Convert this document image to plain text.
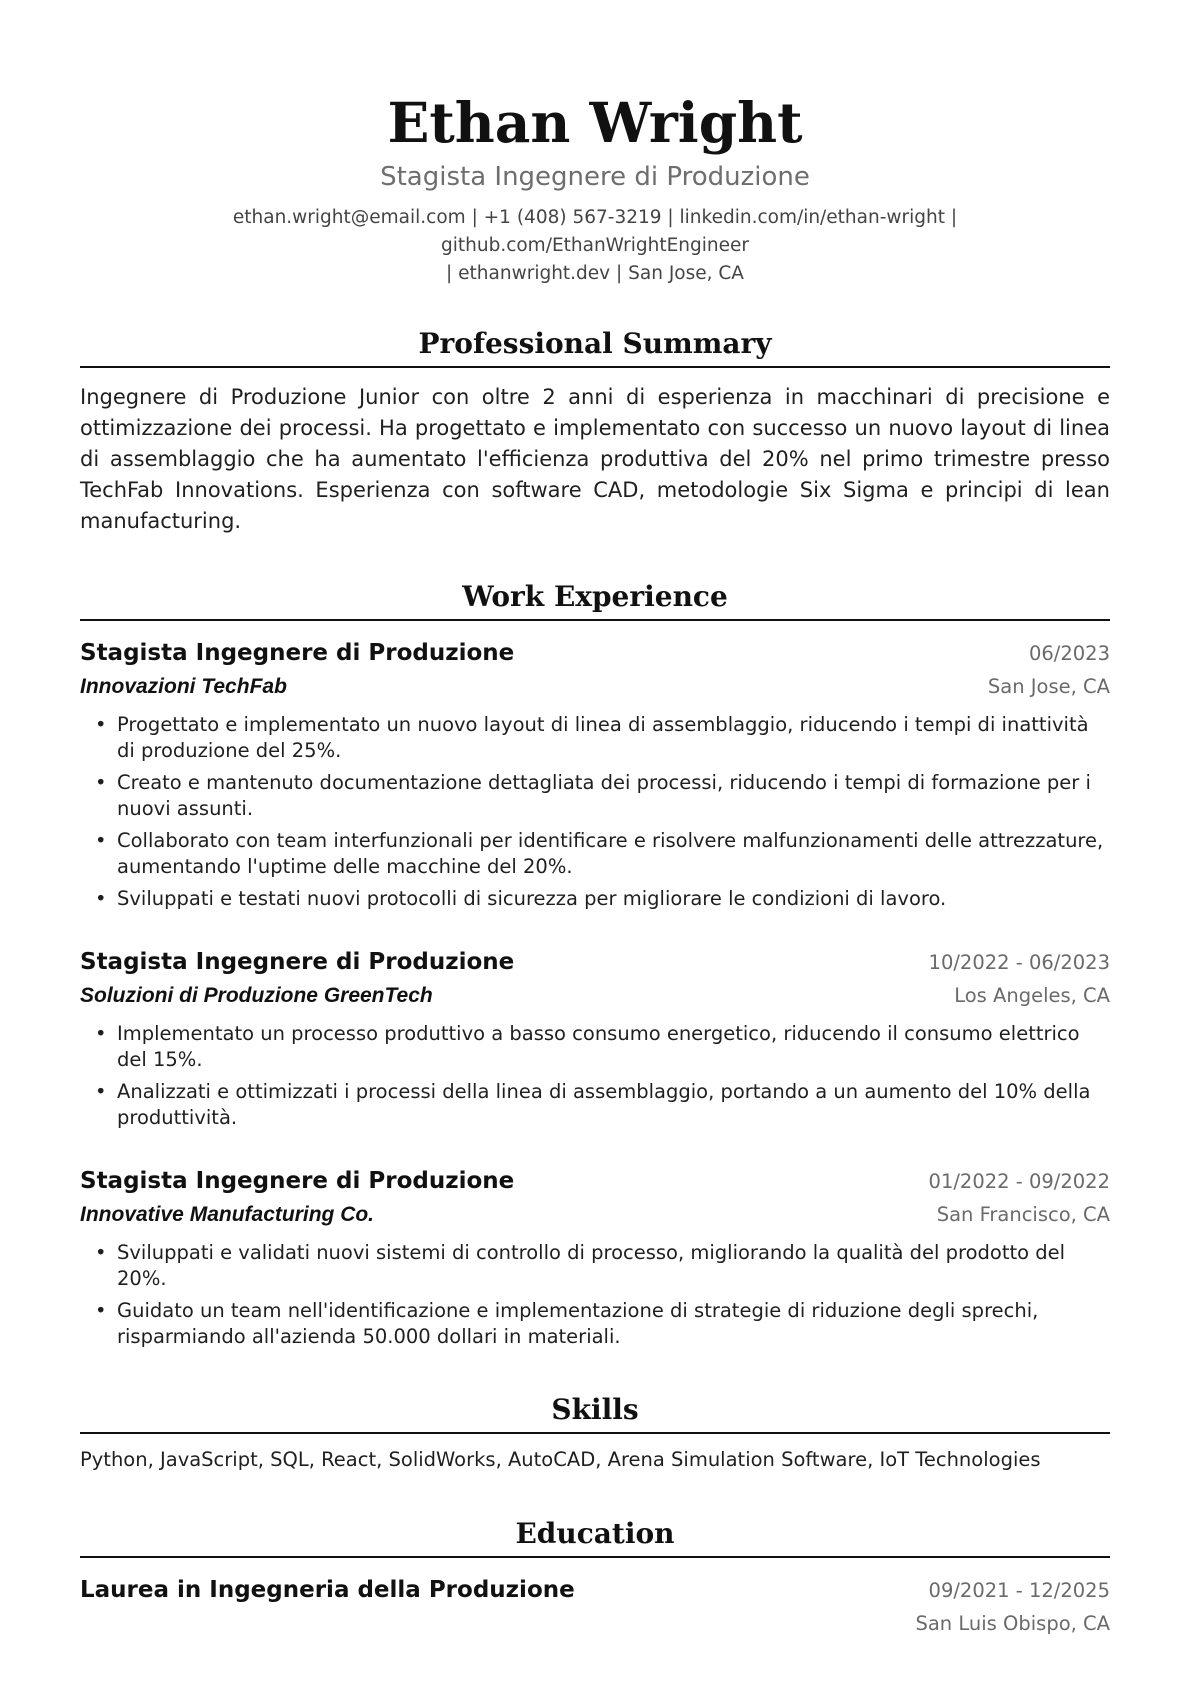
Ethan Wright
Stagista Ingegnere di Produzione
ethan.wright@email.com | +1 (408) 567-3219 | linkedin.com/in/ethan-wright | github.com/EthanWrightEngineer
| ethanwright.dev | San Jose, CA
Professional Summary
Ingegnere di Produzione Junior con oltre 2 anni di esperienza in macchinari di precisione e ottimizzazione dei processi. Ha progettato e implementato con successo un nuovo layout di linea di assemblaggio che ha aumentato l'efficienza produttiva del 20% nel primo trimestre presso TechFab Innovations. Esperienza con software CAD, metodologie Six Sigma e principi di lean manufacturing.
Work Experience
Stagista Ingegnere di Produzione	06/2023
Innovazioni TechFab	San Jose, CA
• Progettato e implementato un nuovo layout di linea di assemblaggio, riducendo i tempi di inattività di produzione del 25%.
• Creato e mantenuto documentazione dettagliata dei processi, riducendo i tempi di formazione per i nuovi assunti.
• Collaborato con team interfunzionali per identificare e risolvere malfunzionamenti delle attrezzature, aumentando l'uptime delle macchine del 20%.
• Sviluppati e testati nuovi protocolli di sicurezza per migliorare le condizioni di lavoro.
Stagista Ingegnere di Produzione	10/2022 - 06/2023
Soluzioni di Produzione GreenTech	Los Angeles, CA
• Implementato un processo produttivo a basso consumo energetico, riducendo il consumo elettrico del 15%.
• Analizzati e ottimizzati i processi della linea di assemblaggio, portando a un aumento del 10% della produttività.
Stagista Ingegnere di Produzione	01/2022 - 09/2022
Innovative Manufacturing Co.	San Francisco, CA
• Sviluppati e validati nuovi sistemi di controllo di processo, migliorando la qualità del prodotto del 20%.
• Guidato un team nell'identificazione e implementazione di strategie di riduzione degli sprechi, risparmiando all'azienda 50.000 dollari in materiali.
Skills
Python, JavaScript, SQL, React, SolidWorks, AutoCAD, Arena Simulation Software, IoT Technologies
Education
Laurea in Ingegneria della Produzione	09/2021 - 12/2025
San Luis Obispo, CA
